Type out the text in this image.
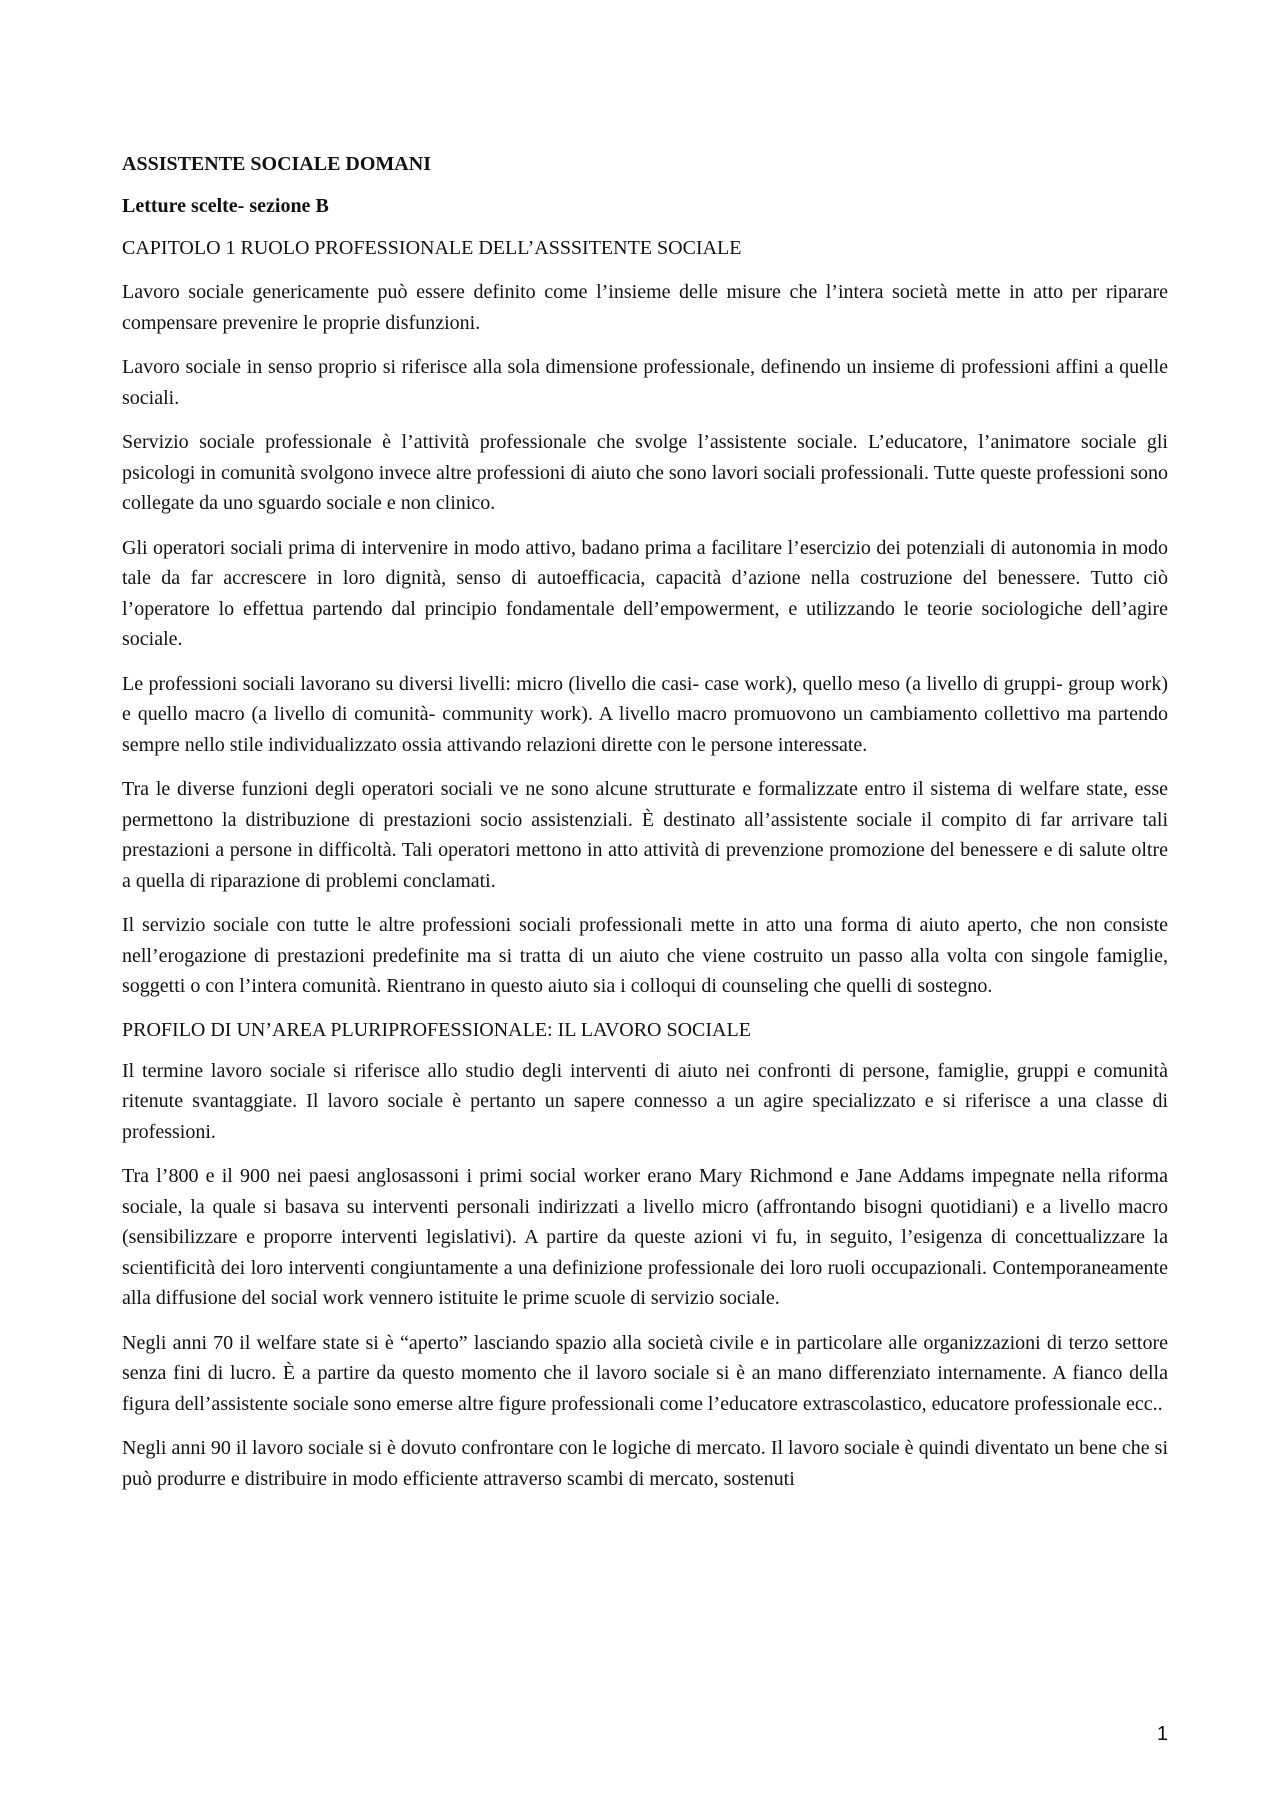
ASSISTENTE SOCIALE DOMANI
Letture scelte- sezione B
CAPITOLO 1 RUOLO PROFESSIONALE DELL’ASSSITENTE SOCIALE

Lavoro sociale genericamente può essere definito come l’insieme delle misure che l’intera società mette in atto per riparare compensare prevenire le proprie disfunzioni.

Lavoro sociale in senso proprio si riferisce alla sola dimensione professionale, definendo un insieme di professioni affini a quelle sociali.

Servizio sociale professionale è l’attività professionale che svolge l’assistente sociale. L’educatore, l’animatore sociale gli psicologi in comunità svolgono invece altre professioni di aiuto che sono lavori sociali professionali. Tutte queste professioni sono collegate da uno sguardo sociale e non clinico.

Gli operatori sociali prima di intervenire in modo attivo, badano prima a facilitare l’esercizio dei potenziali di autonomia in modo tale da far accrescere in loro dignità, senso di autoefficacia, capacità d’azione nella costruzione del benessere. Tutto ciò l’operatore lo effettua partendo dal principio fondamentale dell’empowerment, e utilizzando le teorie sociologiche dell’agire sociale.

Le professioni sociali lavorano su diversi livelli: micro (livello die casi- case work), quello meso (a livello di gruppi- group work) e quello macro (a livello di comunità- community work). A livello macro promuovono un cambiamento collettivo ma partendo sempre nello stile individualizzato ossia attivando relazioni dirette con le persone interessate.

Tra le diverse funzioni degli operatori sociali ve ne sono alcune strutturate e formalizzate entro il sistema di welfare state, esse permettono la distribuzione di prestazioni socio assistenziali. È destinato all’assistente sociale il compito di far arrivare tali prestazioni a persone in difficoltà. Tali operatori mettono in atto attività di prevenzione promozione del benessere e di salute oltre a quella di riparazione di problemi conclamati.

Il servizio sociale con tutte le altre professioni sociali professionali mette in atto una forma di aiuto aperto, che non consiste nell’erogazione di prestazioni predefinite ma si tratta di un aiuto che viene costruito un passo alla volta con singole famiglie, soggetti o con l’intera comunità. Rientrano in questo aiuto sia i colloqui di counseling che quelli di sostegno.

PROFILO DI UN’AREA PLURIPROFESSIONALE: IL LAVORO SOCIALE

Il termine lavoro sociale si riferisce allo studio degli interventi di aiuto nei confronti di persone, famiglie, gruppi e comunità ritenute svantaggiate. Il lavoro sociale è pertanto un sapere connesso a un agire specializzato e si riferisce a una classe di professioni.

Tra l’800 e il 900 nei paesi anglosassoni i primi social worker erano Mary Richmond e Jane Addams impegnate nella riforma sociale, la quale si basava su interventi personali indirizzati a livello micro (affrontando bisogni quotidiani) e a livello macro (sensibilizzare e proporre interventi legislativi). A partire da queste azioni vi fu, in seguito, l’esigenza di concettualizzare la scientificità dei loro interventi congiuntamente a una definizione professionale dei loro ruoli occupazionali. Contemporaneamente alla diffusione del social work vennero istituite le prime scuole di servizio sociale.

Negli anni 70 il welfare state si è “aperto” lasciando spazio alla società civile e in particolare alle organizzazioni di terzo settore senza fini di lucro. È a partire da questo momento che il lavoro sociale si è an mano differenziato internamente. A fianco della figura dell’assistente sociale sono emerse altre figure professionali come l’educatore extrascolastico, educatore professionale ecc..

Negli anni 90 il lavoro sociale si è dovuto confrontare con le logiche di mercato. Il lavoro sociale è quindi diventato un bene che si può produrre e distribuire in modo efficiente attraverso scambi di mercato, sostenuti

1
